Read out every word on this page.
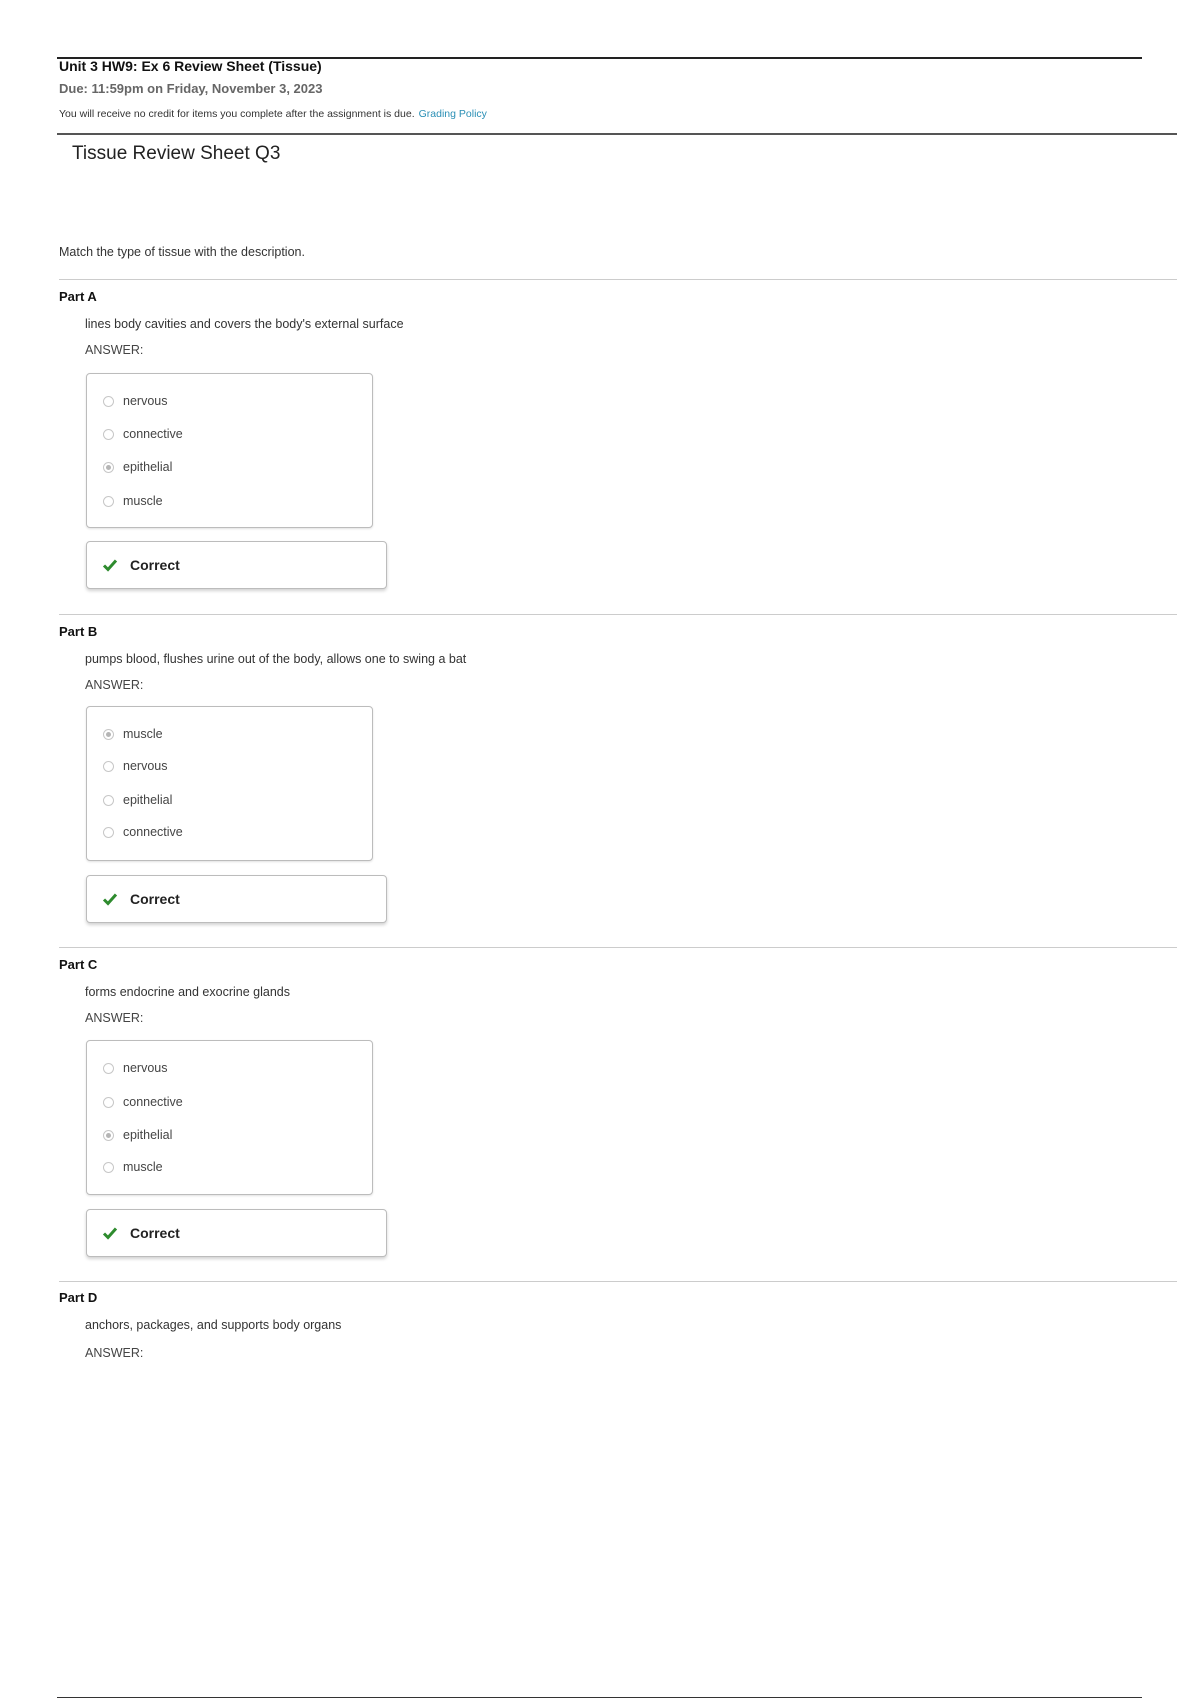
Unit 3 HW9: Ex 6 Review Sheet (Tissue)
Due: 11:59pm on Friday, November 3, 2023
You will receive no credit for items you complete after the assignment is due. Grading Policy
Tissue Review Sheet Q3
Match the type of tissue with the description.
Part A
lines body cavities and covers the body's external surface
ANSWER:
nervous
connective
epithelial
muscle
Correct
Part B
pumps blood, flushes urine out of the body, allows one to swing a bat
ANSWER:
muscle
nervous
epithelial
connective
Correct
Part C
forms endocrine and exocrine glands
ANSWER:
nervous
connective
epithelial
muscle
Correct
Part D
anchors, packages, and supports body organs
ANSWER:
